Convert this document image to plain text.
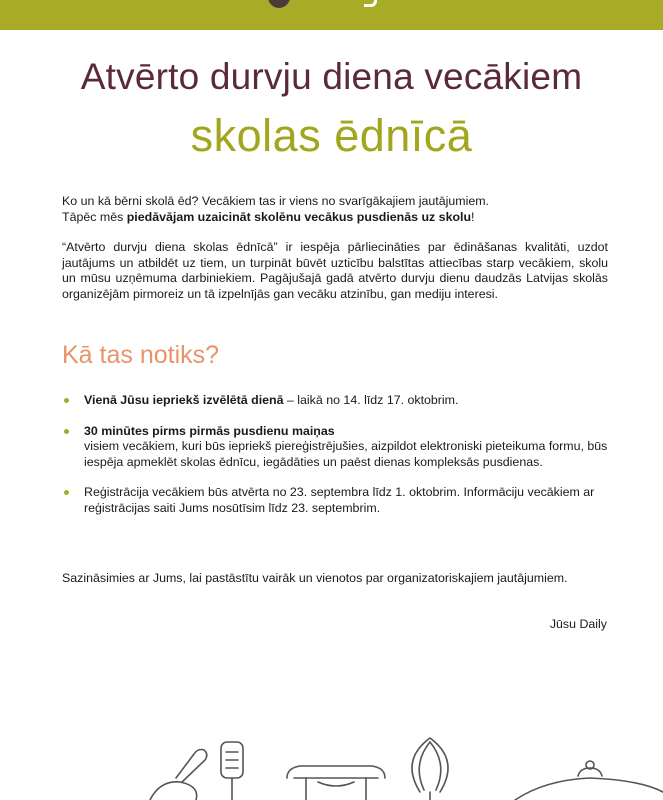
Atvērto durvju diena vecākiem
skolas ēdnīcā

Ko un kā bērni skolā ēd? Vecākiem tas ir viens no svarīgākajiem jautājumiem.
Tāpēc mēs piedāvājam uzaicināt skolēnu vecākus pusdienās uz skolu!

“Atvērto durvju diena skolas ēdnīcā” ir iespēja pārliecināties par ēdināšanas kvalitāti, uzdot jautājums un atbildēt uz tiem, un turpināt būvēt uzticību balstītas attiecības starp vecākiem, skolu un mūsu uzņēmuma darbiniekiem. Pagājušajā gadā atvērto durvju dienu daudzās Latvijas skolās organizējām pirmoreiz un tā izpelnījās gan vecāku atzinību, gan mediju interesi.

Kā tas notiks?
Vienā Jūsu iepriekš izvēlētā dienā – laikā no 14. līdz 17. oktobrim.
30 minūtes pirms pirmās pusdienu maiņas
visiem vecākiem, kuri būs iepriekš piereģistrējušies, aizpildot elektroniski pieteikuma formu, būs iespēja apmeklēt skolas ēdnīcu, iegādāties un paēst dienas kompleksās pusdienas.
Reģistrācija vecākiem būs atvērta no 23. septembra līdz 1. oktobrim. Informāciju vecākiem ar reģistrācijas saiti Jums nosūtīsim līdz 23. septembrim.
Sazināsimies ar Jums, lai pastāstītu vairāk un vienotos par organizatoriskajiem jautājumiem.
Jūsu Daily
